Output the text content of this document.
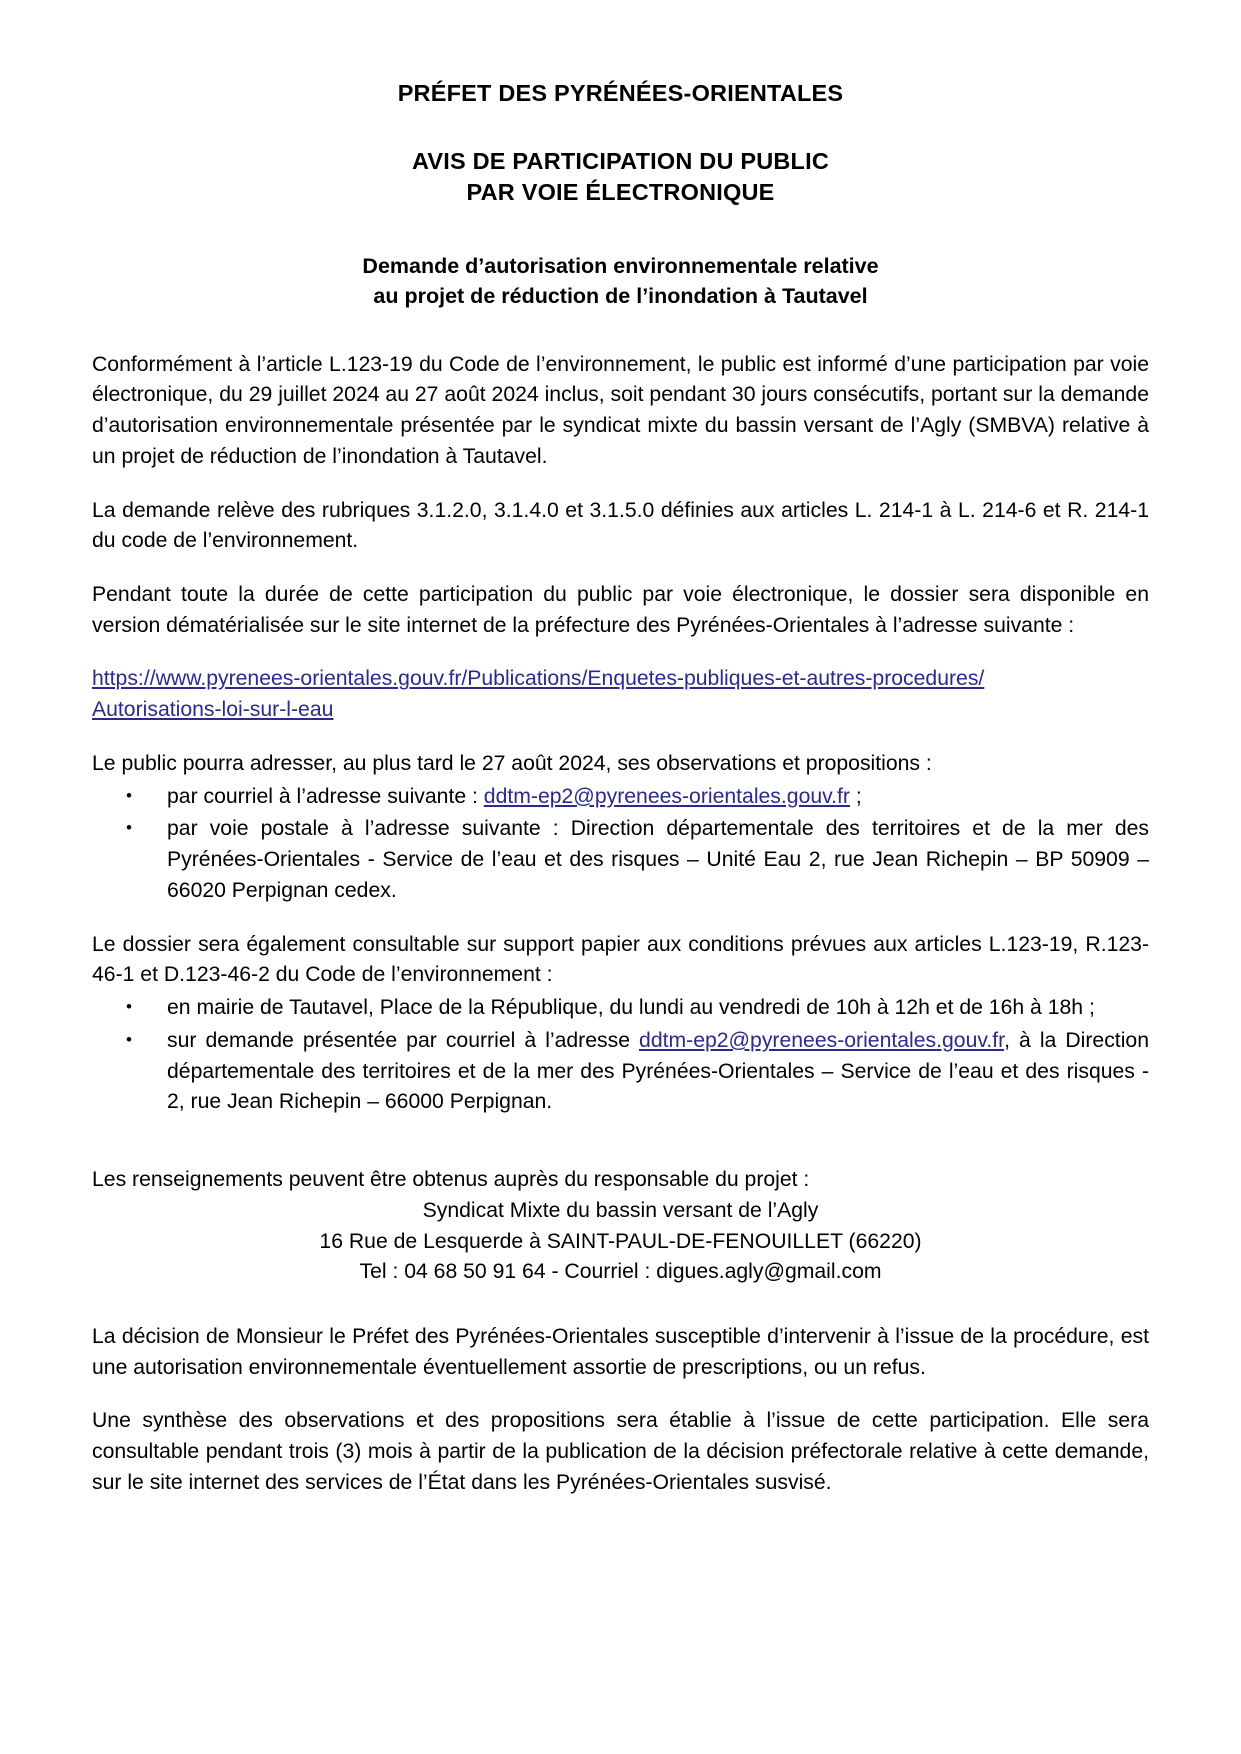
PRÉFET DES PYRÉNÉES-ORIENTALES
AVIS DE PARTICIPATION DU PUBLIC
PAR VOIE ÉLECTRONIQUE
Demande d’autorisation environnementale relative
au projet de réduction de l’inondation à Tautavel

Conformément à l’article L.123-19 du Code de l’environnement, le public est informé d’une participation par voie électronique, du 29 juillet 2024 au 27 août 2024 inclus, soit pendant 30 jours consécutifs, portant sur la demande d’autorisation environnementale présentée par le syndicat mixte du bassin versant de l’Agly (SMBVA) relative à un projet de réduction de l’inondation à Tautavel.

La demande relève des rubriques 3.1.2.0, 3.1.4.0 et 3.1.5.0 définies aux articles L. 214-1 à L. 214-6 et R. 214-1 du code de l’environnement.

Pendant toute la durée de cette participation du public par voie électronique, le dossier sera disponible en version dématérialisée sur le site internet de la préfecture des Pyrénées-Orientales à l’adresse suivante :

https://www.pyrenees-orientales.gouv.fr/Publications/Enquetes-publiques-et-autres-procedures/
Autorisations-loi-sur-l-eau

Le public pourra adresser, au plus tard le 27 août 2024, ses observations et propositions :

• par courriel à l’adresse suivante : ddtm-ep2@pyrenees-orientales.gouv.fr ;
• par voie postale à l’adresse suivante : Direction départementale des territoires et de la mer des Pyrénées-Orientales - Service de l’eau et des risques – Unité Eau 2, rue Jean Richepin – BP 50909 – 66020 Perpignan cedex.

Le dossier sera également consultable sur support papier aux conditions prévues aux articles L.123-19, R.123-46-1 et D.123-46-2 du Code de l’environnement :

• en mairie de Tautavel, Place de la République, du lundi au vendredi de 10h à 12h et de 16h à 18h ;
• sur demande présentée par courriel à l’adresse ddtm-ep2@pyrenees-orientales.gouv.fr, à la Direction départementale des territoires et de la mer des Pyrénées-Orientales – Service de l’eau et des risques - 2, rue Jean Richepin – 66000 Perpignan.

Les renseignements peuvent être obtenus auprès du responsable du projet :

Syndicat Mixte du bassin versant de l’Agly

16 Rue de Lesquerde à SAINT-PAUL-DE-FENOUILLET (66220)

Tel : 04 68 50 91 64 - Courriel : digues.agly@gmail.com

La décision de Monsieur le Préfet des Pyrénées-Orientales susceptible d’intervenir à l’issue de la procédure, est une autorisation environnementale éventuellement assortie de prescriptions, ou un refus.

Une synthèse des observations et des propositions sera établie à l’issue de cette participation. Elle sera consultable pendant trois (3) mois à partir de la publication de la décision préfectorale relative à cette demande, sur le site internet des services de l’État dans les Pyrénées-Orientales susvisé.
